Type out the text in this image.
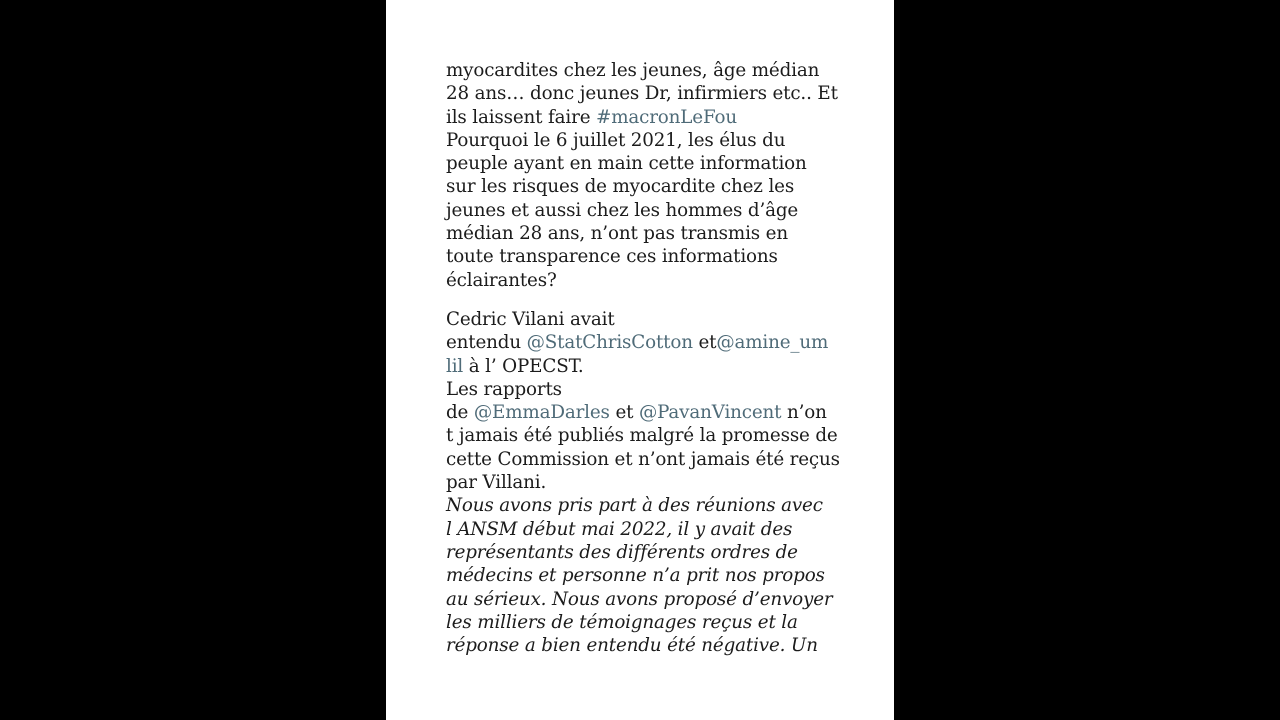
myocardites chez les jeunes, âge médian
28 ans… donc jeunes Dr, infirmiers etc.. Et
ils laissent faire #macronLeFou
Pourquoi le 6 juillet 2021, les élus du
peuple ayant en main cette information
sur les risques de myocardite chez les
jeunes et aussi chez les hommes d’âge
médian 28 ans, n’ont pas transmis en
toute transparence ces informations
éclairantes?
Cedric Vilani avait
entendu @StatChrisCotton et@amine_um
lil à l’ OPECST.
Les rapports
de @EmmaDarles et @PavanVincent n’on
t jamais été publiés malgré la promesse de
cette Commission et n’ont jamais été reçus
par Villani.
Nous avons pris part à des réunions avec
l ANSM début mai 2022, il y avait des
représentants des différents ordres de
médecins et personne n’a prit nos propos
au sérieux. Nous avons proposé d’envoyer
les milliers de témoignages reçus et la
réponse a bien entendu été négative. Un
